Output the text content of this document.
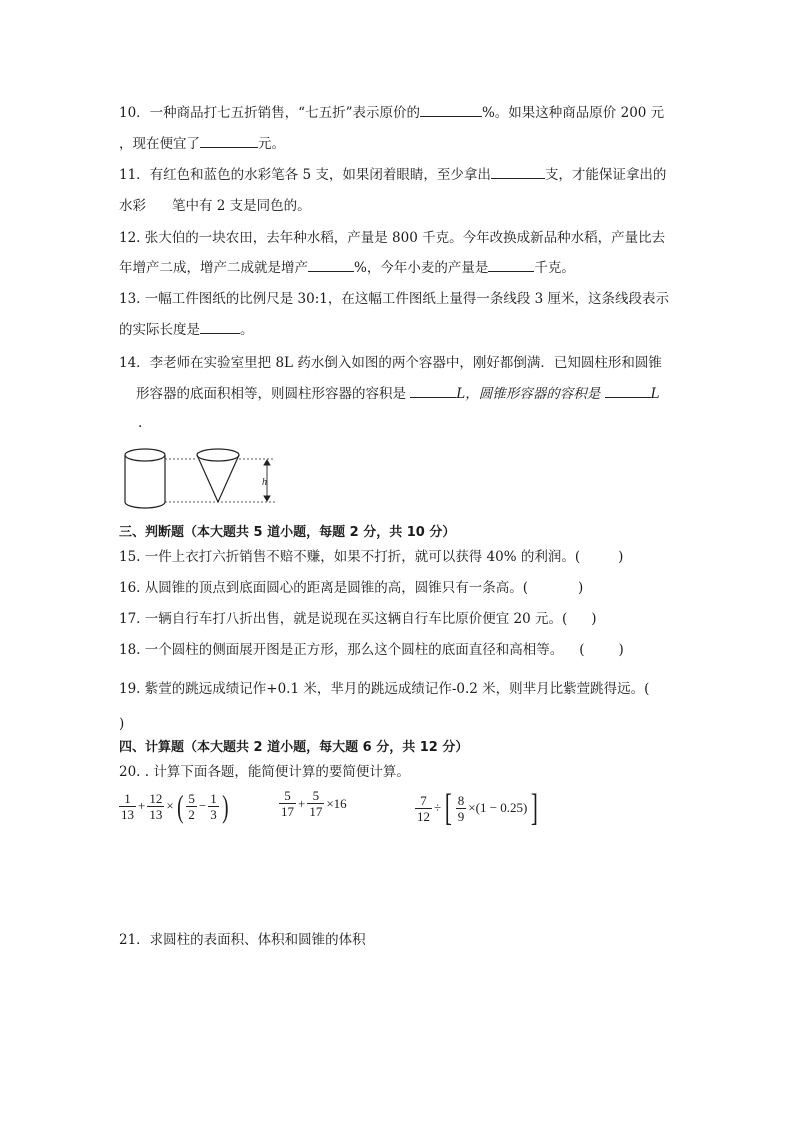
10．一种商品打七五折销售，“七五折”表示原价的	%。如果这种商品原价 200 元
，现在便宜了	元。
11．有红色和蓝色的水彩笔各 5 支，如果闭着眼睛，至少拿出	支，才能保证拿出的
水彩 笔中有 2 支是同色的。
12. 张大伯的一块农田，去年种水稻，产量是 800 千克。今年改换成新品种水稻，产量比去
年增产二成，增产二成就是增产	%，今年小麦的产量是	千克。
13. 一幅工件图纸的比例尺是 30:1，在这幅工件图纸上量得一条线段 3 厘米，这条线段表示
的实际长度是	。
14．李老师在实验室里把 8L 药水倒入如图的两个容器中，刚好都倒满．已知圆柱形和圆锥
形容器的底面积相等，则圆柱形容器的容积是	L，圆锥形容器的容积是	L
.
h
三、判断题（本大题共 5 道小题，每题 2 分，共 10 分）
15. 一件上衣打六折销售不赔不赚，如果不打折，就可以获得 40% 的利润。(	)
16. 从圆锥的顶点到底面圆心的距离是圆锥的高，圆锥只有一条高。(	)
17. 一辆自行车打八折出售，就是说现在买这辆自行车比原价便宜 20 元。( )
18. 一个圆柱的侧面展开图是正方形，那么这个圆柱的底面直径和高相等。 (	)
19. 紫萱的跳远成绩记作+0.1 米，芈月的跳远成绩记作-0.2 米，则芈月比紫萱跳得远。(
)
四、计算题（本大题共 2 道小题，每大题 6 分，共 12 分）
20. . 计算下面各题，能简便计算的要简便计算。
$\frac{1}{13} + \frac{12}{13}$ ×( $\frac{5}{2} - \frac{1}{3}$ )	$\frac{5}{17} + \frac{5}{17} \times 16$	$\frac{7}{12}$ ÷ [ $\frac{8}{9} \times(1 - 0.25)$ ]
21．求圆柱的表面积、体积和圆锥的体积
